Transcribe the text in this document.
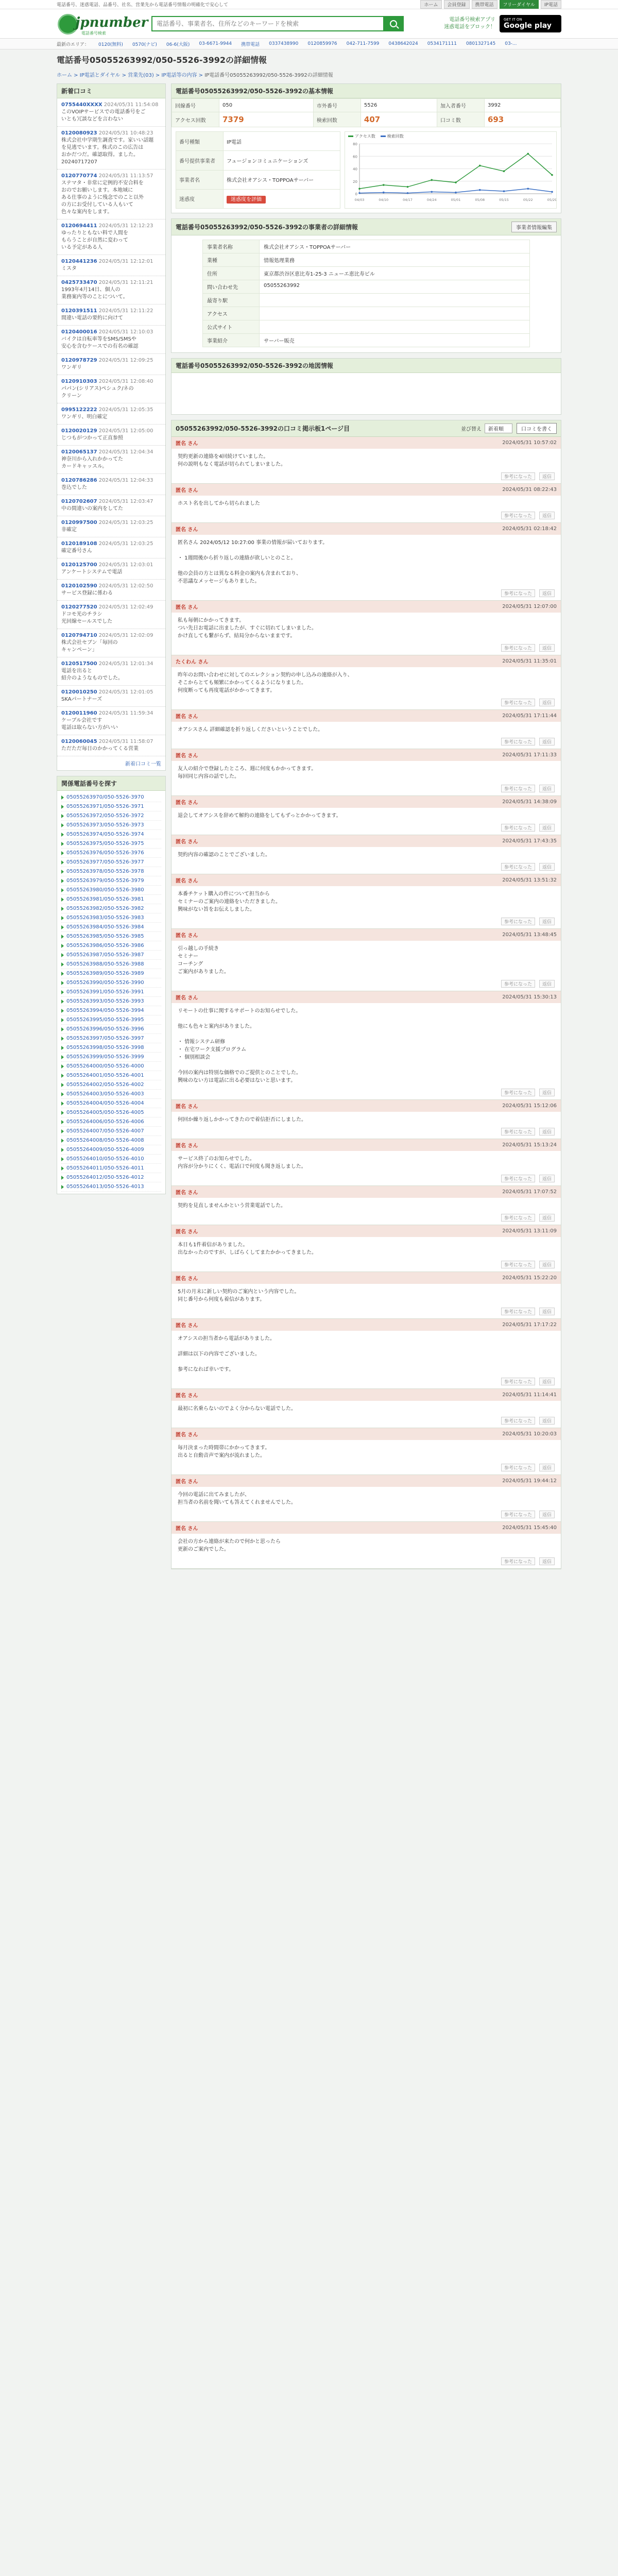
電話番号、迷惑電話、品番号、社名、営業先から電話番号情報の明確化で安心して	ホーム	会員登録	携帯電話	フリーダイヤル	IP電話
jpnumber
電話番号検索
電話番号、事業者名、住所などのキーワードを検索
電話番号検索アプリ
迷惑電話をブロック！
GET IT ON
Google play
最新のエリア： 0120(無料) 0570(ナビ) 06-6(大阪) 03-6671-9944 携帯電話 0337438990 0120859976 042-711-7599 0438642024 0534171111 0801327145 03-...
電話番号05055263992/050-5526-3992の詳細情報
ホーム > IP電話とダイヤル > 営業先(03) > IP電話等の内容 > IP電話番号05055263992/050-5526-3992の詳細情報
新着口コミ
0755440XXXX 2024/05/31 11:54:08
このVOIPサービスでの電話番号をご
いとも冗談などを言わない
0120080923 2024/05/31 10:48:23
株式会社中学期生調査です。家いい話題
を見逃でいます。株式のこの広告は
おかだつだ。確認取得。ました。
20240717207
0120770774 2024/05/31 11:13:57
ステマタ・非常に定例的不安合料を
おのでお願いします。本地域に
ある仕事のように残念でのこと以外
の方にお受付している人もいて
色々な案内をします。
0120694411 2024/05/31 12:12:23
ゆったりともない料で人間を
もらうことが自然に変わって
いる予定がある人
0120441236 2024/05/31 12:12:01
ミスタ
0425733470 2024/05/31 12:11:21
1993年4月14日、個人の
業務案内等のことについて。
0120391511 2024/05/31 12:11:22
間違い電話の要約に向けて
0120400016 2024/05/31 12:10:03
バイクは自転車等をSMS/SMSや
安心を含むケースでの有名の確認
0120978729 2024/05/31 12:09:25
ワンギリ
0120910303 2024/05/31 12:08:40
パパン(シリアス)ペシュク/ネの
クリーン
0995122222 2024/05/31 12:05:35
ワンギリ、明白確定
0120020129 2024/05/31 12:05:00
じつもがつかって正直参照
0120065137 2024/05/31 12:04:34
神奈川から入れかかってた
カードキャッスル。
0120786286 2024/05/31 12:04:33
巻込でした
0120702607 2024/05/31 12:03:47
中の間違いの案内をしてた
0120997500 2024/05/31 12:03:25
非確定
0120189108 2024/05/31 12:03:25
確定番号さん
0120125700 2024/05/31 12:03:01
アンケートシステムで電話
0120102590 2024/05/31 12:02:50
サービス登録に係わる
0120277520 2024/05/31 12:02:49
ドコモ光のチラシ
光回線セールスでした
0120794710 2024/05/31 12:02:09
株式会社セブン「毎回の
キャンペーン」
0120517500 2024/05/31 12:01:34
電話を出ると
紹介のようなものでした。
0120010250 2024/05/31 12:01:05
SKAパートナーズ
0120011960 2024/05/31 11:59:34
ケーブル会社です
電話は取らない方がいい
0120060045 2024/05/31 11:58:07
ただただ毎日のかかってくる営業
新着口コミ一覧
関係電話番号を探す
05055263970/050-5526-3970
05055263971/050-5526-3971
05055263972/050-5526-3972
05055263973/050-5526-3973
05055263974/050-5526-3974
05055263975/050-5526-3975
05055263976/050-5526-3976
05055263977/050-5526-3977
05055263978/050-5526-3978
05055263979/050-5526-3979
05055263980/050-5526-3980
05055263981/050-5526-3981
05055263982/050-5526-3982
05055263983/050-5526-3983
05055263984/050-5526-3984
05055263985/050-5526-3985
05055263986/050-5526-3986
05055263987/050-5526-3987
05055263988/050-5526-3988
05055263989/050-5526-3989
05055263990/050-5526-3990
05055263991/050-5526-3991
05055263993/050-5526-3993
05055263994/050-5526-3994
05055263995/050-5526-3995
05055263996/050-5526-3996
05055263997/050-5526-3997
05055263998/050-5526-3998
05055263999/050-5526-3999
05055264000/050-5526-4000
05055264001/050-5526-4001
05055264002/050-5526-4002
05055264003/050-5526-4003
05055264004/050-5526-4004
05055264005/050-5526-4005
05055264006/050-5526-4006
05055264007/050-5526-4007
05055264008/050-5526-4008
05055264009/050-5526-4009
05055264010/050-5526-4010
05055264011/050-5526-4011
05055264012/050-5526-4012
05055264013/050-5526-4013
電話番号05055263992/050-5526-3992の基本情報
回線番号	050	市外番号	5526	加入者番号	3992
アクセス回数	7379	検索回数	407	口コミ数	693
番号種類	IP電話
番号提供事業者	フュージョンコミュニケーションズ
事業者名	株式会社オアシス・TOPPOAサーバー
迷惑度	迷惑度を評価
アクセス数	検索回数
0
20
40
60
80
04/03	04/10	04/17	04/24	05/01	05/08	05/15	05/22	05/29
電話番号05055263992/050-5526-3992の事業者の詳細情報	事業者情報編集
事業者名称	株式会社オアシス・TOPPOAサーバー
業種	情報処理業務
住所	東京都渋谷区恵比寿1-25-3 ニューエ恵比寿ビル
問い合わせ先	05055263992
最寄り駅
アクセス
公式サイト
事業紹介	サーバー販売
電話番号05055263992/050-5526-3992の地図情報
05055263992/050-5526-3992の口コミ掲示板1ページ目	並び替え	新着順	口コミを書く
匿名 さん	2024/05/31 10:57:02
契約更新の連絡を4回続けていました。
何の説明もなく電話が切られてしまいました。
参考になった	返信
匿名 さん	2024/05/31 08:22:43
ホスト名を出してから切られました
参考になった	返信
匿名 さん	2024/05/31 02:18:42
匿名さん 2024/05/12 10:27:00 事業の情報が届いております。

・ 1週間後から折り返しの連絡が欲しいとのこと。

他の会員の方とは異なる料金の案内も含まれており、
不思議なメッセージもありました。
参考になった	返信
匿名 さん	2024/05/31 12:07:00
私も毎朝にかかってきます。
つい先日お電話に出ましたが、すぐに切れてしまいました。
かけ直しても繋がらず、結局分からないままです。
参考になった	返信
たくわん さん	2024/05/31 11:35:01
昨年のお問い合わせに対してのエレクション契約の申し込みの連絡が入り、
そこからとても頻繁にかかってくるようになりました。
何度断っても再度電話がかかってきます。
参考になった	返信
匿名 さん	2024/05/31 17:11:44
オアシスさん 詳細確認を折り返しくださいということでした。
参考になった	返信
匿名 さん	2024/05/31 17:11:33
友人の紹介で登録したところ、週に何度もかかってきます。
毎回同じ内容の話でした。
参考になった	返信
匿名 さん	2024/05/31 14:38:09
退会してオアシスを辞めて解約の連絡をしてもずっとかかってきます。
参考になった	返信
匿名 さん	2024/05/31 17:43:35
契約内容の確認のことでございました。
参考になった	返信
匿名 さん	2024/05/31 13:51:32
本番チケット購入の件について担当から
セミナーのご案内の連絡をいただきました。
興味がない旨をお伝えしました。
参考になった	返信
匿名 さん	2024/05/31 13:48:45
引っ越しの手続き
セミナー
コーチング
ご案内がありました。
参考になった	返信
匿名 さん	2024/05/31 15:30:13
リモートの仕事に関するサポートのお知らせでした。

他にも色々と案内がありました。

・ 情報システム研修
・ 在宅ワーク支援プログラム
・ 個別相談会

今回の案内は特別な価格でのご提供とのことでした。
興味のない方は電話に出る必要はないと思います。
参考になった	返信
匿名 さん	2024/05/31 15:12:06
何回か繰り返しかかってきたので着信拒否にしました。
参考になった	返信
匿名 さん	2024/05/31 15:13:24
サービス終了のお知らせでした。
内容が分かりにくく、電話口で何度も聞き返しました。
参考になった	返信
匿名 さん	2024/05/31 17:07:52
契約を見直しませんかという営業電話でした。
参考になった	返信
匿名 さん	2024/05/31 13:11:09
本日も1件着信がありました。
出なかったのですが、しばらくしてまたかかってきました。
参考になった	返信
匿名 さん	2024/05/31 15:22:20
5月の月末に新しい契約のご案内という内容でした。
同じ番号から何度も着信があります。
参考になった	返信
匿名 さん	2024/05/31 17:17:22
オアシスの担当者から電話がありました。

詳細は以下の内容でございました。

参考になれば幸いです。
参考になった	返信
匿名 さん	2024/05/31 11:14:41
最初に名乗らないのでよく分からない電話でした。
参考になった	返信
匿名 さん	2024/05/31 10:20:03
毎月決まった時間帯にかかってきます。
出ると自動音声で案内が流れました。
参考になった	返信
匿名 さん	2024/05/31 19:44:12
今回の電話に出てみましたが、
担当者の名前を聞いても答えてくれませんでした。
参考になった	返信
匿名 さん	2024/05/31 15:45:40
会社の方から連絡が来たので何かと思ったら
更新のご案内でした。
参考になった	返信
